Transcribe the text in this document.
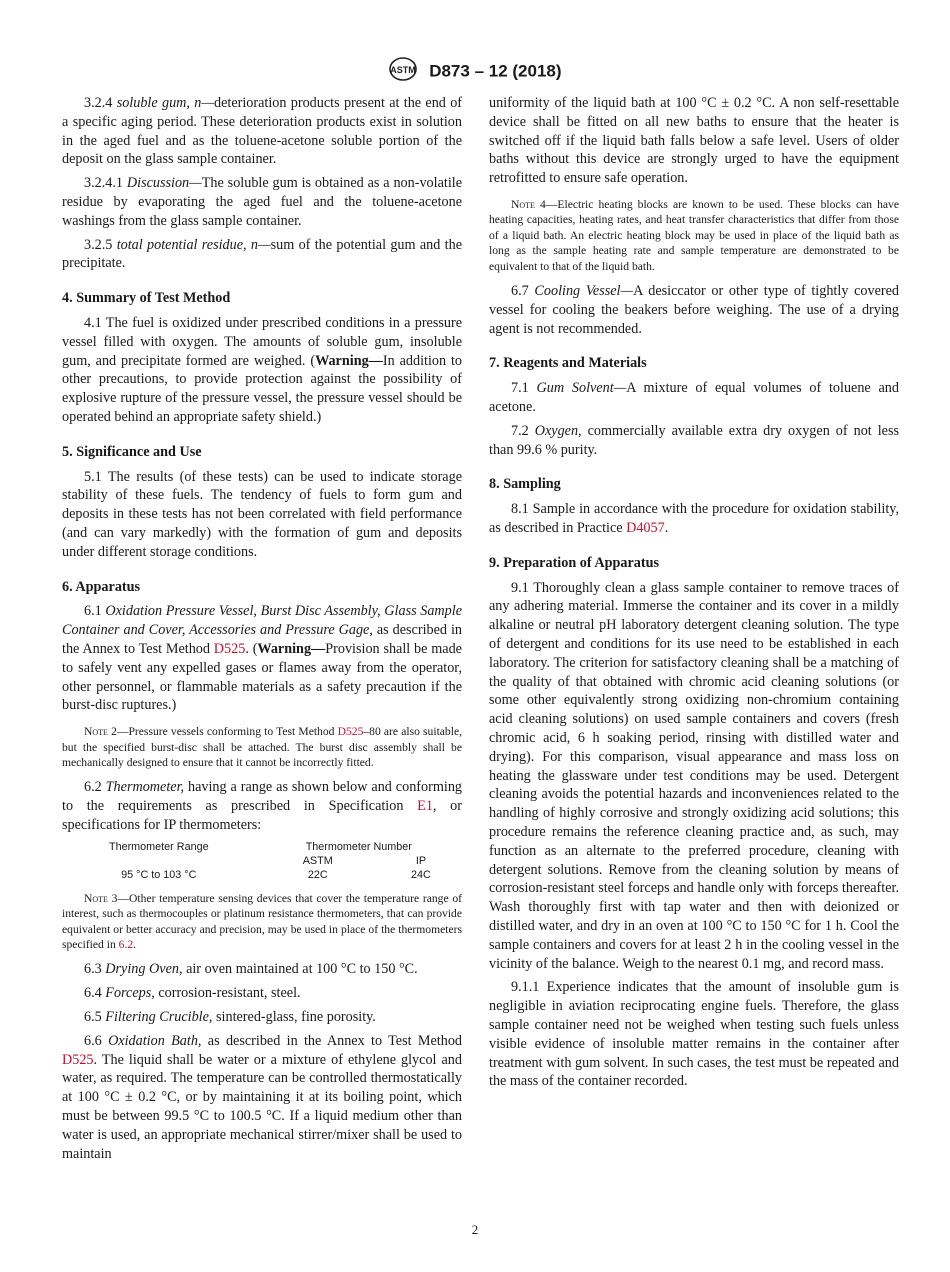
ASTM D873 – 12 (2018)

3.2.4 soluble gum, n—deterioration products present at the end of a specific aging period. These deterioration products exist in solution in the aged fuel and as the toluene-acetone soluble portion of the deposit on the glass sample container.

3.2.4.1 Discussion—The soluble gum is obtained as a non-volatile residue by evaporating the aged fuel and the toluene-acetone washings from the glass sample container.

3.2.5 total potential residue, n—sum of the potential gum and the precipitate.

4. Summary of Test Method

4.1 The fuel is oxidized under prescribed conditions in a pressure vessel filled with oxygen. The amounts of soluble gum, insoluble gum, and precipitate formed are weighed. (Warning—In addition to other precautions, to provide protection against the possibility of explosive rupture of the pressure vessel, the pressure vessel should be operated behind an appropriate safety shield.)

5. Significance and Use

5.1 The results (of these tests) can be used to indicate storage stability of these fuels. The tendency of fuels to form gum and deposits in these tests has not been correlated with field performance (and can vary markedly) with the formation of gum and deposits under different storage conditions.

6. Apparatus

6.1 Oxidation Pressure Vessel, Burst Disc Assembly, Glass Sample Container and Cover, Accessories and Pressure Gage, as described in the Annex to Test Method D525. (Warning—Provision shall be made to safely vent any expelled gases or flames away from the operator, other personnel, or flammable materials as a safety precaution if the burst-disc ruptures.)

Note 2—Pressure vessels conforming to Test Method D525–80 are also suitable, but the specified burst-disc shall be attached. The burst disc assembly shall be mechanically designed to ensure that it cannot be incorrectly fitted.

6.2 Thermometer, having a range as shown below and conforming to the requirements as prescribed in Specification E1, or specifications for IP thermometers:

Thermometer Range	Thermometer Number	
	ASTM	IP
95 °C to 103 °C	22C	24C

Note 3—Other temperature sensing devices that cover the temperature range of interest, such as thermocouples or platinum resistance thermometers, that can provide equivalent or better accuracy and precision, may be used in place of the thermometers specified in 6.2.

6.3 Drying Oven, air oven maintained at 100 °C to 150 °C.

6.4 Forceps, corrosion-resistant, steel.

6.5 Filtering Crucible, sintered-glass, fine porosity.

6.6 Oxidation Bath, as described in the Annex to Test Method D525. The liquid shall be water or a mixture of ethylene glycol and water, as required. The temperature can be controlled thermostatically at 100 °C ± 0.2 °C, or by maintaining it at its boiling point, which must be between 99.5 °C to 100.5 °C. If a liquid medium other than water is used, an appropriate mechanical stirrer/mixer shall be used to maintain

uniformity of the liquid bath at 100 °C ± 0.2 °C. A non self-resettable device shall be fitted on all new baths to ensure that the heater is switched off if the liquid bath falls below a safe level. Users of older baths without this device are strongly urged to have the equipment retrofitted to ensure safe operation.

Note 4—Electric heating blocks are known to be used. These blocks can have heating capacities, heating rates, and heat transfer characteristics that differ from those of a liquid bath. An electric heating block may be used in place of the liquid bath as long as the sample heating rate and sample temperature are demonstrated to be equivalent to that of the liquid bath.

6.7 Cooling Vessel—A desiccator or other type of tightly covered vessel for cooling the beakers before weighing. The use of a drying agent is not recommended.

7. Reagents and Materials

7.1 Gum Solvent—A mixture of equal volumes of toluene and acetone.

7.2 Oxygen, commercially available extra dry oxygen of not less than 99.6 % purity.

8. Sampling

8.1 Sample in accordance with the procedure for oxidation stability, as described in Practice D4057.

9. Preparation of Apparatus

9.1 Thoroughly clean a glass sample container to remove traces of any adhering material. Immerse the container and its cover in a mildly alkaline or neutral pH laboratory detergent cleaning solution. The type of detergent and conditions for its use need to be established in each laboratory. The criterion for satisfactory cleaning shall be a matching of the quality of that obtained with chromic acid cleaning solutions (or some other equivalently strong oxidizing non-chromium containing acid cleaning solutions) on used sample containers and covers (fresh chromic acid, 6 h soaking period, rinsing with distilled water and drying). For this comparison, visual appearance and mass loss on heating the glassware under test conditions may be used. Detergent cleaning avoids the potential hazards and inconveniences related to the handling of highly corrosive and strongly oxidizing acid solutions; this procedure remains the reference cleaning practice and, as such, may function as an alternate to the preferred procedure, cleaning with detergent solutions. Remove from the cleaning solution by means of corrosion-resistant steel forceps and handle only with forceps thereafter. Wash thoroughly first with tap water and then with deionized or distilled water, and dry in an oven at 100 °C to 150 °C for 1 h. Cool the sample containers and covers for at least 2 h in the cooling vessel in the vicinity of the balance. Weigh to the nearest 0.1 mg, and record mass.

9.1.1 Experience indicates that the amount of insoluble gum is negligible in aviation reciprocating engine fuels. Therefore, the glass sample container need not be weighed when testing such fuels unless visible evidence of insoluble matter remains in the container after treatment with gum solvent. In such cases, the test must be repeated and the mass of the container recorded.

2
